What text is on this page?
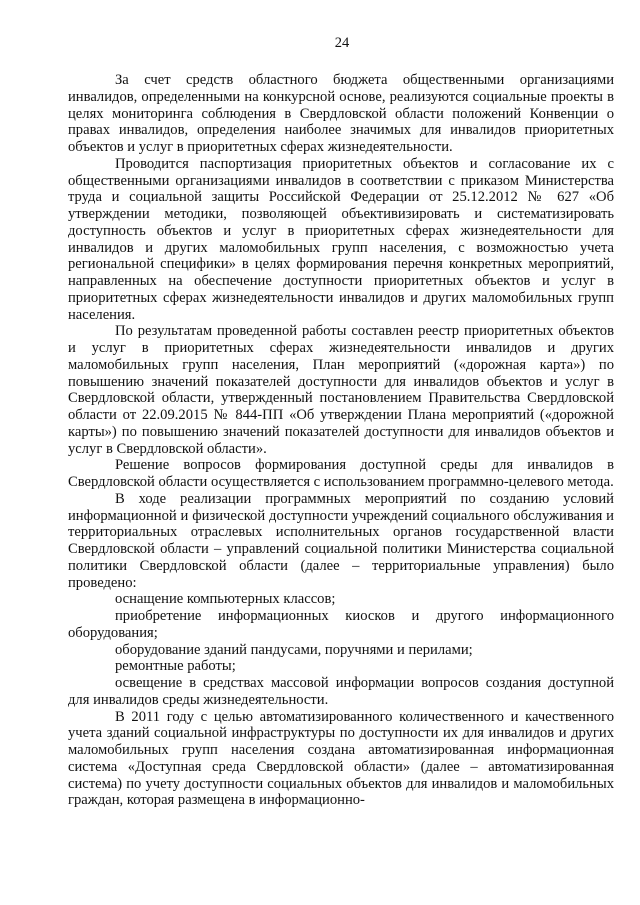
24

За счет средств областного бюджета общественными организациями инвалидов, определенными на конкурсной основе, реализуются социальные проекты в целях мониторинга соблюдения в Свердловской области положений Конвенции о правах инвалидов, определения наиболее значимых для инвалидов приоритетных объектов и услуг в приоритетных сферах жизнедеятельности.

Проводится паспортизация приоритетных объектов и согласование их с общественными организациями инвалидов в соответствии с приказом Министерства труда и социальной защиты Российской Федерации от 25.12.2012 № 627 «Об утверждении методики, позволяющей объективизировать и систематизировать доступность объектов и услуг в приоритетных сферах жизнедеятельности для инвалидов и других маломобильных групп населения, с возможностью учета региональной специфики» в целях формирования перечня конкретных мероприятий, направленных на обеспечение доступности приоритетных объектов и услуг в приоритетных сферах жизнедеятельности инвалидов и других маломобильных групп населения.

По результатам проведенной работы составлен реестр приоритетных объектов и услуг в приоритетных сферах жизнедеятельности инвалидов и других маломобильных групп населения, План мероприятий («дорожная карта») по повышению значений показателей доступности для инвалидов объектов и услуг в Свердловской области, утвержденный постановлением Правительства Свердловской области от 22.09.2015 № 844-ПП «Об утверждении Плана мероприятий («дорожной карты») по повышению значений показателей доступности для инвалидов объектов и услуг в Свердловской области».

Решение вопросов формирования доступной среды для инвалидов в Свердловской области осуществляется с использованием программно-целевого метода.

В ходе реализации программных мероприятий по созданию условий информационной и физической доступности учреждений социального обслуживания и территориальных отраслевых исполнительных органов государственной власти Свердловской области – управлений социальной политики Министерства социальной политики Свердловской области (далее – территориальные управления) было проведено:

оснащение компьютерных классов;

приобретение информационных киосков и другого информационного оборудования;

оборудование зданий пандусами, поручнями и перилами;

ремонтные работы;

освещение в средствах массовой информации вопросов создания доступной для инвалидов среды жизнедеятельности.

В 2011 году с целью автоматизированного количественного и качественного учета зданий социальной инфраструктуры по доступности их для инвалидов и других маломобильных групп населения создана автоматизированная информационная система «Доступная среда Свердловской области» (далее – автоматизированная система) по учету доступности социальных объектов для инвалидов и маломобильных граждан, которая размещена в информационно-
